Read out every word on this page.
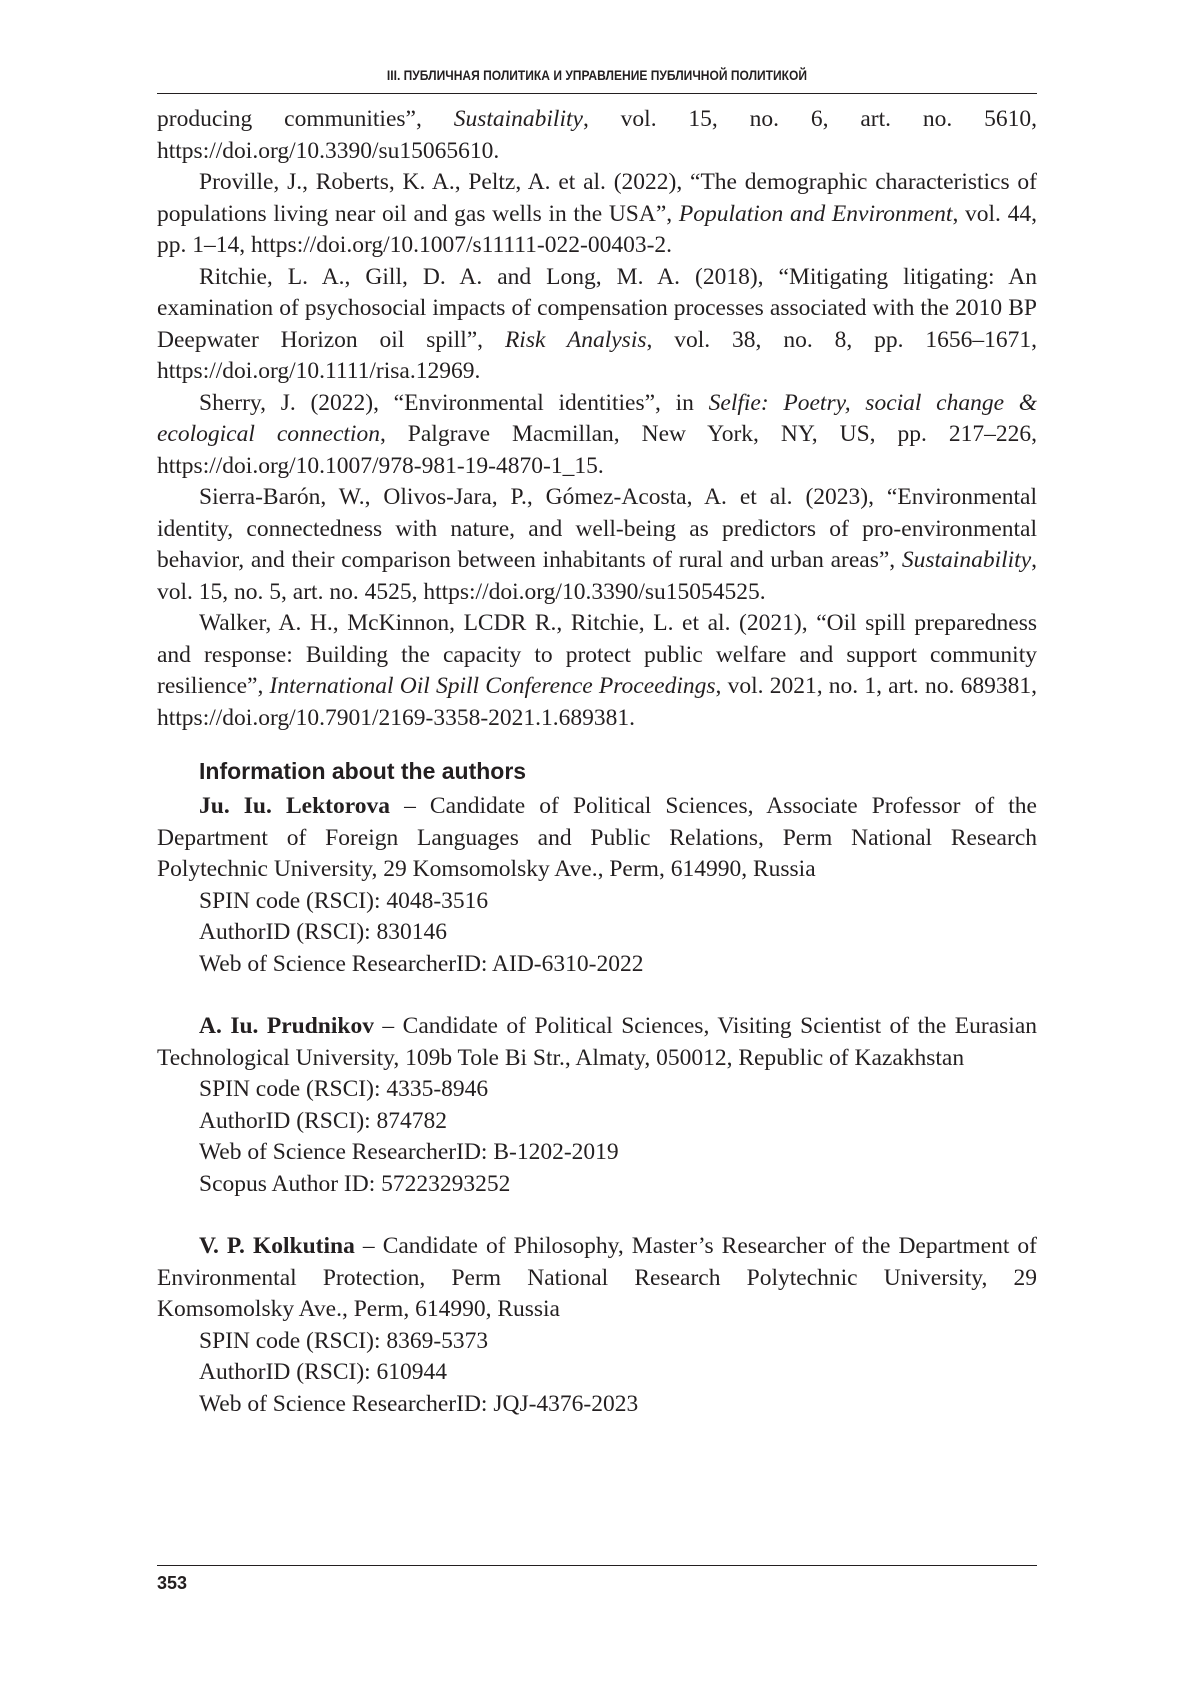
III. ПУБЛИЧНАЯ ПОЛИТИКА И УПРАВЛЕНИЕ ПУБЛИЧНОЙ ПОЛИТИКОЙ

producing communities”, Sustainability, vol. 15, no. 6, art. no. 5610, https://doi.org/10.3390/su15065610.

Proville, J., Roberts, K. A., Peltz, A. et al. (2022), “The demographic characteristics of populations living near oil and gas wells in the USA”, Population and Environment, vol. 44, pp. 1–14, https://doi.org/10.1007/s11111-022-00403-2.

Ritchie, L. A., Gill, D. A. and Long, M. A. (2018), “Mitigating litigating: An examination of psychosocial impacts of compensation processes associated with the 2010 BP Deepwater Horizon oil spill”, Risk Analysis, vol. 38, no. 8, pp. 1656–1671, https://doi.org/10.1111/risa.12969.

Sherry, J. (2022), “Environmental identities”, in Selfie: Poetry, social change & ecological connection, Palgrave Macmillan, New York, NY, US, pp. 217–226, https://doi.org/10.1007/978-981-19-4870-1_15.

Sierra-Barón, W., Olivos-Jara, P., Gómez-Acosta, A. et al. (2023), “Environmental identity, connectedness with nature, and well-being as predictors of pro-environmental behavior, and their comparison between inhabitants of rural and urban areas”, Sustainability, vol. 15, no. 5, art. no. 4525, https://doi.org/10.3390/su15054525.

Walker, A. H., McKinnon, LCDR R., Ritchie, L. et al. (2021), “Oil spill preparedness and response: Building the capacity to protect public welfare and support community resilience”, International Oil Spill Conference Proceedings, vol. 2021, no. 1, art. no. 689381, https://doi.org/10.7901/2169-3358-2021.1.689381.

Information about the authors

Ju. Iu. Lektorova – Candidate of Political Sciences, Associate Professor of the Department of Foreign Languages and Public Relations, Perm National Research Polytechnic University, 29 Komsomolsky Ave., Perm, 614990, Russia

SPIN code (RSCI): 4048-3516
AuthorID (RSCI): 830146
Web of Science ResearcherID: AID-6310-2022

A. Iu. Prudnikov – Candidate of Political Sciences, Visiting Scientist of the Eurasian Technological University, 109b Tole Bi Str., Almaty, 050012, Republic of Kazakhstan

SPIN code (RSCI): 4335-8946
AuthorID (RSCI): 874782
Web of Science ResearcherID: B-1202-2019
Scopus Author ID: 57223293252

V. P. Kolkutina – Candidate of Philosophy, Master’s Researcher of the Department of Environmental Protection, Perm National Research Polytechnic University, 29 Komsomolsky Ave., Perm, 614990, Russia

SPIN code (RSCI): 8369-5373
AuthorID (RSCI): 610944
Web of Science ResearcherID: JQJ-4376-2023
353
